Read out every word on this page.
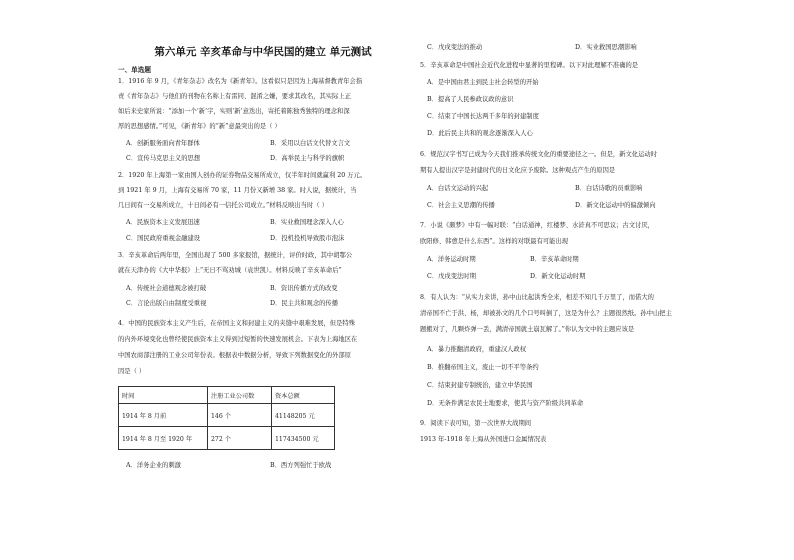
第六单元 辛亥革命与中华民国的建立 单元测试
一、单选题
1．1916 年 9 月，《青年杂志》改名为《新青年》。这看似只是因为上海基督教青年会指
责《青年杂志》与他们的刊物在名称上有雷同、混淆之嫌，要求其改名，其实际上正
如后来史家所说：“添加一个‘新’字，实则‘新’意迭出，寄托着陈独秀独特的理念和深
厚的思想感情。”可见，《新青年》的“新”意最突出的是（ ）
A．创新服务面向青年群体	B．采用以白话文代替文言文
C．宣传马克思主义的思想	D．高举民主与科学的旗帜
2．1920 年上海第一家由国人创办的证券物品交易所成立，仅半年时间就赢利 20 万元。
到 1921 年 9 月，上海有交易所 70 家，11 月份又新增 38 家。时人说，据统计，当
几日间有一交易所成立，十日间必有一信托公司成立。”材料反映出当时（ ）
A．民族资本主义发展迅速	B．实业救国理念深入人心
C．国民政府重视金融建设	D．投机投机导致股市泡沫
3．辛亥革命后两年里，全国出现了 500 多家报馆，据统计，评价时政，其中胡鄂公
就在天津办的《大中华报》上“无日不骂劝城（袁世凯）。材料反映了辛亥革命后”
A．传统社会道德观念被打破	B．资讯传播方式的改变
C．言论出版自由制度受重视	D．民主共和观念的传播
4．中国的民族资本主义产生后，在帝国主义和封建主义的夹缝中艰难发展，但是特殊
的内外环境变化也曾经使民族资本主义得到过短暂的快速发展机会。下表为上海地区在
中国农商部注册的工业公司年份表。根据表中数据分析，导致下列数据变化的外部原
因是（ ）
时间	注册工业公司数	资本总额
1914 年 8 月前	146 个	41148205 元
1914 年 8 月至 1920 年	272 个	117434500 元
A．洋务企业的刺激	B．西方列强忙于欧战
C．戊戌变法的推动	D．实业救国思潮影响
5．辛亥革命是中国社会近代化进程中显著的里程碑。以下对此理解不准确的是
A．是中国由君主到民主社会转型的开始
B．提高了人民参政议政的意识
C．结束了中国长达两千多年的封建制度
D．此后民主共和的观念逐渐深入人心
6．规范汉字书写已成为今天我们推承传统文化的重要途径之一。但是，新文化运动时
期有人提出汉字是封建时代的日文化应予废除。这种观点产生的原因是
A．白话文运动的兴起	B．白话诗歌的员重影响
C．社会主义思潮的传播	D．新文化运动中的偏激倾向
7．小说《颇梦》中有一幅对联：“白话通神，红楼梦、水浒真不可思议；古文讨厌，
欧阳修、韩愈是什么东西”。这样的对联最有可能出现
A．洋务运动时期	B．辛亥革命时期
C．戊戌变法时期	D．新文化运动时期
8．有人认为：“从实力来讲，孙中山比起洪秀全来，相差不知几千万里了，而偌大的
清帝国不亡于洪、杨，却被孙文的几个口号叫倒了，这是为什么？主题很然纸。孙中山把主
题搬对了，几颗炸弹一丢，满清帝国就土崩瓦解了。”你认为文中的主题应该是
A．暴力推翻清政府，重建汉人政权
B．推翻帝国主义，废止一切不平等条约
C．结束封建专制统治，建立中华民国
D．无条件满足农民土地要求，使其与资产阶级共同革命
9．阅读下表可知，第一次世界大战期间
1913 年-1918 年上海从外国进口金属情况表
